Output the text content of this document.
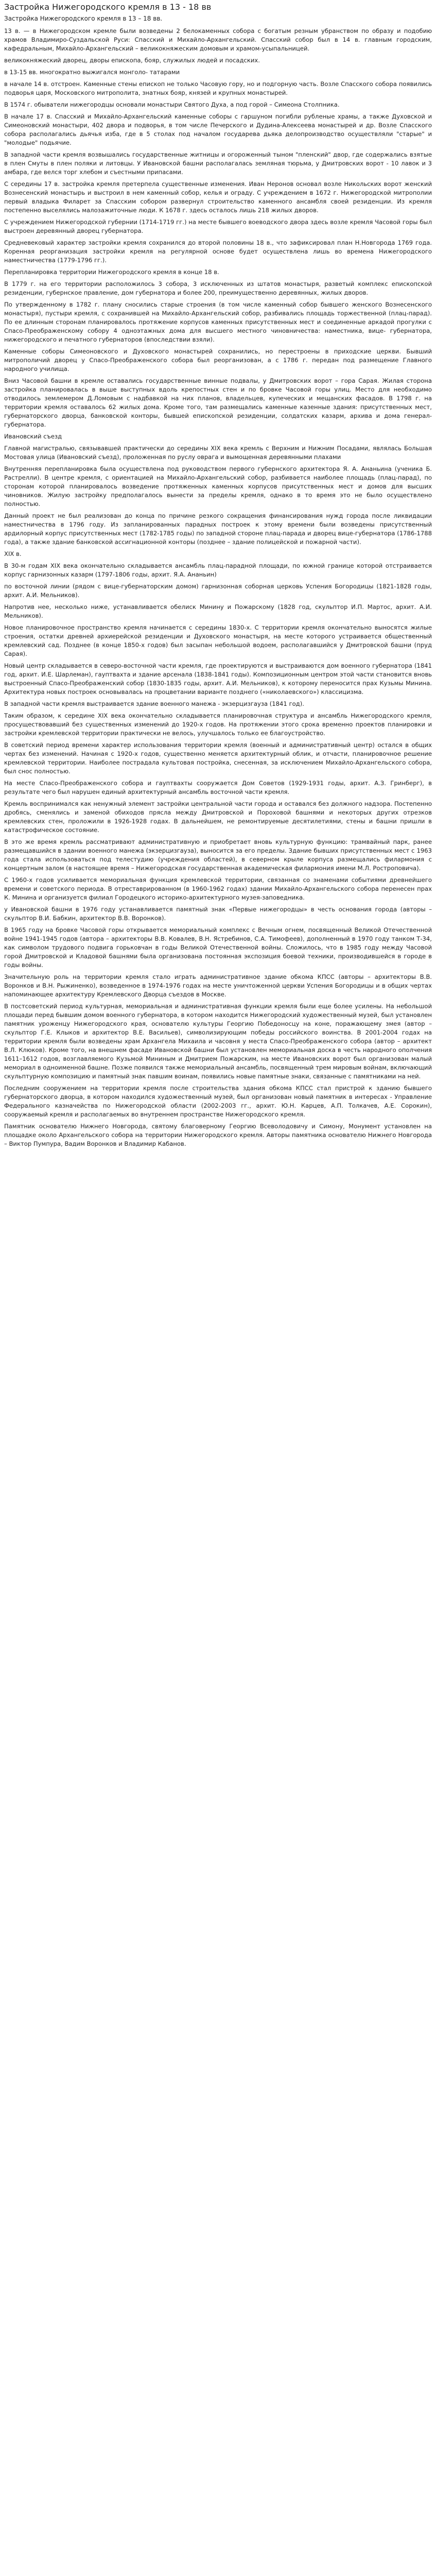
Застройка Нижегородского кремля в 13 - 18 вв
Застройка Нижегородского кремля в 13 – 18 вв.

13 в. — в Нижегородском кремле были возведены 2 белокаменных собора с богатым резным убранством по образу и подобию храмов Владимиро-Суздальской Руси: Спасский и Михайло-Архангельский. Спасский собор был в 14 в. главным городским, кафедральным, Михайло-Архангельский – великокняжеским домовым и храмом-усыпальницей.

великокняжеский дворец, дворы епископа, бояр, служилых людей и посадских.

в 13-15 вв. многократно выжигался монголо- татарами

в начале 14 в. отстроен. Каменные стены епископ не только Часовую гору, но и подгорную часть. Возле Спасского собора появились подворья царя, Московского митрополита, знатных бояр, князей и крупных монастырей.

В 1574 г. обыватели нижегородцы основали монастыри Святого Духа, а под горой – Симеона Столпника.

В начале 17 в. Спасский и Михайло-Архангельский каменные соборы с гаршуном погибли рубленые храмы, а также Духовской и Симеоновский монастыри, 402 двора и подворья, в том числе Печерского и Дудина-Алексеева монастырей и др. Возле Спасского собора располагались дьячья изба, где в 5 столах под началом государева дьяка делопроизводство осуществляли "старые" и "молодые" подьячие.

В западной части кремля возвышались государственные житницы и огороженный тыном "пленский" двор, где содержались взятые в плен Смуты в плен поляки и литовцы. У Ивановской башни располагалась земляная тюрьма, у Дмитровских ворот - 10 лавок и 3 амбара, где велся торг хлебом и съестными припасами.

С середины 17 в. застройка кремля претерпела существенные изменения. Иван Неронов основал возле Никольских ворот женский Вознесенский монастырь и выстроил в нем каменный собор, келья и ограду. С учреждением в 1672 г. Нижегородской митрополии первый владыка Филарет за Спасским собором развернул строительство каменного ансамбля своей резиденции. Из кремля постепенно выселялись малозажиточные люди. К 1678 г. здесь осталось лишь 218 жилых дворов.

С учреждением Нижегородской губернии (1714-1719 гг.) на месте бывшего воеводского двора здесь возле кремля Часовой горы был выстроен деревянный дворец губернатора.

Средневековый характер застройки кремля сохранился до второй половины 18 в., что зафиксировал план Н.Новгорода 1769 года. Коренная реорганизация застройки кремля на регулярной основе будет осуществлена лишь во времена Нижегородского наместничества (1779-1796 гг.).

Перепланировка территории Нижегородского кремля в конце 18 в.

В 1779 г. на его территории расположилось 3 собора, 3 исключенных из штатов монастыря, разветый комплекс епископской резиденции, губернское правление, дом губернатора и более 200, преимущественно деревянных, жилых дворов.

По утвержденному в 1782 г. плану сносились старые строения (в том числе каменный собор бывшего женского Вознесенского монастыря), пустыри кремля, с сохранившей на Михайло-Архангельский собор, разбивались площадь торжественной (плац-парад). По ее длинным сторонам планировалось протяжение корпусов каменных присутственных мест и соединенные аркадой прогулки с Спасо-Преображенскому собору 4 одноэтажных дома для высшего местного чиновничества: наместника, вице- губернатора, нижегородского и печатного губернаторов (впоследствии взяли).

Каменные соборы Симеоновского и Духовского монастырей сохранились, но перестроены в приходские церкви. Бывший митрополичий дворец у Спасо-Преображенского собора был реорганизован, а с 1786 г. передан под размещение Главного народного училища.

Вниз Часовой башни в кремле оставались государственные винные подвалы, у Дмитровских ворот – гора Сарая. Жилая сторона застройка планировалась в выше выступных вдоль крепостных стен и по бровке Часовой горы улиц. Место для необходимо отводилось землемером Д.Ломовым с надбавкой на них планов, владельцев, купеческих и мещанских фасадов. В 1798 г. на территории кремля оставалось 62 жилых дома. Кроме того, там размещались каменные казенные здания: присутственных мест, губернаторского дворца, банковской конторы, бывшей епископской резиденции, солдатских казарм, архива и дома генерал-губернатора.

Ивановский съезд

Главной магистралью, связывавшей практически до середины XIX века кремль с Верхним и Нижним Посадами, являлась Большая Мостовая улица (Ивановский съезд), проложенная по руслу оврага и вымощенная деревянными плахами

Внутренняя перепланировка была осуществлена под руководством первого губернского архитектора Я. А. Ананьина (ученика Б. Растрелли). В центре кремля, с ориентацией на Михайло-Архангельский собор, разбивается наиболее площадь (плац-парад), по сторонам которой планировалось возведение протяженных каменных корпусов присутственных мест и домов для высших чиновников. Жилую застройку предполагалось вынести за пределы кремля, однако в то время это не было осуществлено полностью.

Данный проект не был реализован до конца по причине резкого сокращения финансирования нужд города после ликвидации наместничества в 1796 году. Из запланированных парадных построек к этому времени были возведены присутственный ардилорный корпус присутственных мест (1782-1785 годы) по западной стороне плац-парада и дворец вице-губернатора (1786-1788 года), а также здание банковской ассигнационной конторы (позднее – здание полицейской и пожарной части).

XIX в.

В 30-м годам XIX века окончательно складывается ансамбль плац-парадной площади, по южной границе которой отстраивается корпус гарнизонных казарм (1797-1806 годы, архит. Я.А. Ананьин)

по восточной линии (рядом с вице-губернаторским домом) гарнизонная соборная церковь Успения Богородицы (1821-1828 годы, архит. А.И. Мельников).

Напротив нее, несколько ниже, устанавливается обелиск Минину и Пожарскому (1828 год, скульптор И.П. Мартос, архит. А.И. Мельников).

Новое планировочное пространство кремля начинается с середины 1830-х. С территории кремля окончательно выносятся жилые строения, остатки древней архиерейской резиденции и Духовского монастыря, на месте которого устраивается общественный кремлевский сад. Позднее (в конце 1850-х годов) был засыпан небольшой водоем, располагавшийся у Дмитровской башни (пруд Сарая).

Новый центр складывается в северо-восточной части кремля, где проектируются и выстраиваются дом военного губернатора (1841 год, архит. И.Е. Шарлеман), гауптвахта и здание арсенала (1838-1841 годы). Композиционным центром этой части становится вновь выстроенный Спасо-Преображенский собор (1830-1835 годы, архит. А.И. Мельников), к которому переносится прах Кузьмы Минина. Архитектура новых построек основывалась на процветании варианте позднего («николаевского») классицизма.

В западной части кремля выстраивается здание военного манежа - экзерцизгауза (1841 год).

Таким образом, к середине XIX века окончательно складывается планировочная структура и ансамбль Нижегородского кремля, просуществовавший без существенных изменений до 1920-х годов. На протяжении этого срока временно проектов планировки и застройки кремлевской территории практически не велось, улучшалось только ее благоустройство.

В советский период времени характер использования территории кремля (военный и административный центр) остался в общих чертах без изменений. Начиная с 1920-х годов, существенно меняется архитектурный облик, и отчасти, планировочное решение кремлевской территории. Наиболее пострадала культовая постройка, снесенная, за исключением Михайло-Архангельского собора, был снос полностью.

На месте Спасо-Преображенского собора и гауптвахты сооружается Дом Советов (1929-1931 годы, архит. А.З. Гринберг), в результате чего был нарушен единый архитектурный ансамбль восточной части кремля.

Кремль воспринимался как ненужный элемент застройки центральной части города и оставался без должного надзора. Постепенно дробясь, сменялись и заменой обиходов прясла между Дмитровской и Пороховой башнями и некоторых других отрезков кремлевских стен, проложили в 1926-1928 годах. В дальнейшем, не ремонтируемые десятилетиями, стены и башни пришли в катастрофическое состояние.

В это же время кремль рассматривают административную и приобретает вновь культурную функцию: трамвайный парк, ранее размещавшийся в здании военного манежа (экзерцизгауза), выносится за его пределы. Здание бывших присутственных мест с 1963 года стала использоваться под телестудию (учреждения областей), в северном крыле корпуса размещались филармония с концертным залом (в настоящее время – Нижегородская государственная академическая филармония имени М.Л. Ростроповича).

С 1960-х годов усиливается мемориальная функция кремлевской территории, связанная со знаменами событиями древнейшего времени и советского периода. В отреставрированном (в 1960-1962 годах) здании Михайло-Архангельского собора перенесен прах К. Минина и организуется филиал Городецкого историко-архитектурного музея-заповедника.

у Ивановской башни в 1976 году устанавливается памятный знак «Первые нижегородцы» в честь основания города (авторы – скульптор В.И. Бабкин, архитектор В.В. Воронков).

В 1965 году на бровке Часовой горы открывается мемориальный комплекс с Вечным огнем, посвященный Великой Отечественной войне 1941-1945 годов (автора – архитекторы В.В. Ковалев, В.Н. Ястребинов, С.А. Тимофеев), дополненный в 1970 году танком Т-34, как символом трудового подвига горьковчан в годы Великой Отечественной войны. Сложилось, что в 1985 году между Часовой горой Дмитровской и Кладовой башнями была организована постоянная экспозиция боевой техники, производившейся в городе в годы войны.

Значительную роль на территории кремля стало играть административное здание обкома КПСС (авторы – архитекторы В.В. Воронков и В.Н. Рыжиненко), возведенное в 1974-1976 годах на месте уничтоженной церкви Успения Богородицы и в общих чертах напоминающее архитектуру Кремлевского Дворца съездов в Москве.

В постсоветский период культурная, мемориальная и административная функции кремля были еще более усилены. На небольшой площади перед бывшим домом военного губернатора, в котором находится Нижегородский художественный музей, был установлен памятник уроженцу Нижегородского края, основателю культуры Георгию Победоносцу на коне, поражающему змея (автор – скульптор Г.Е. Клыков и архитектор В.Е. Васильев), символизирующим победы российского воинства. В 2001-2004 годах на территории кремля были возведены храм Архангела Михаила и часовня у места Спасо-Преображенского собора (автор – архитект В.Л. Клюков). Кроме того, на внешнем фасаде Ивановской башни был установлен мемориальная доска в честь народного ополчения 1611–1612 годов, возглавляемого Кузьмой Мининым и Дмитрием Пожарским, на месте Ивановских ворот был организован малый мемориал в одноименной башне. Позже появился также мемориальный ансамбль, посвященный трем мировым войнам, включающий скульптурную композицию и памятный знак павшим воинам, появились новые памятные знаки, связанные с памятниками на ней.

Последним сооружением на территории кремля после строительства здания обкома КПСС стал пристрой к зданию бывшего губернаторского дворца, в котором находился художественный музей, был организован новый памятник в интересах - Управление Федерального казначейства по Нижегородской области (2002-2003 гг., архит. Ю.Н. Карцев, А.П. Толкачев, А.Е. Сорокин), сооружаемый кремля и располагаемых во внутреннем пространстве Нижегородского кремля.

Памятник основателю Нижнего Новгорода, святому благоверному Георгию Всеволодовичу и Симону, Монумент установлен на площадке около Архангельского собора на территории Нижегородского кремля. Авторы памятника основателю Нижнего Новгорода – Виктор Пумпура, Вадим Воронков и Владимир Кабанов.
